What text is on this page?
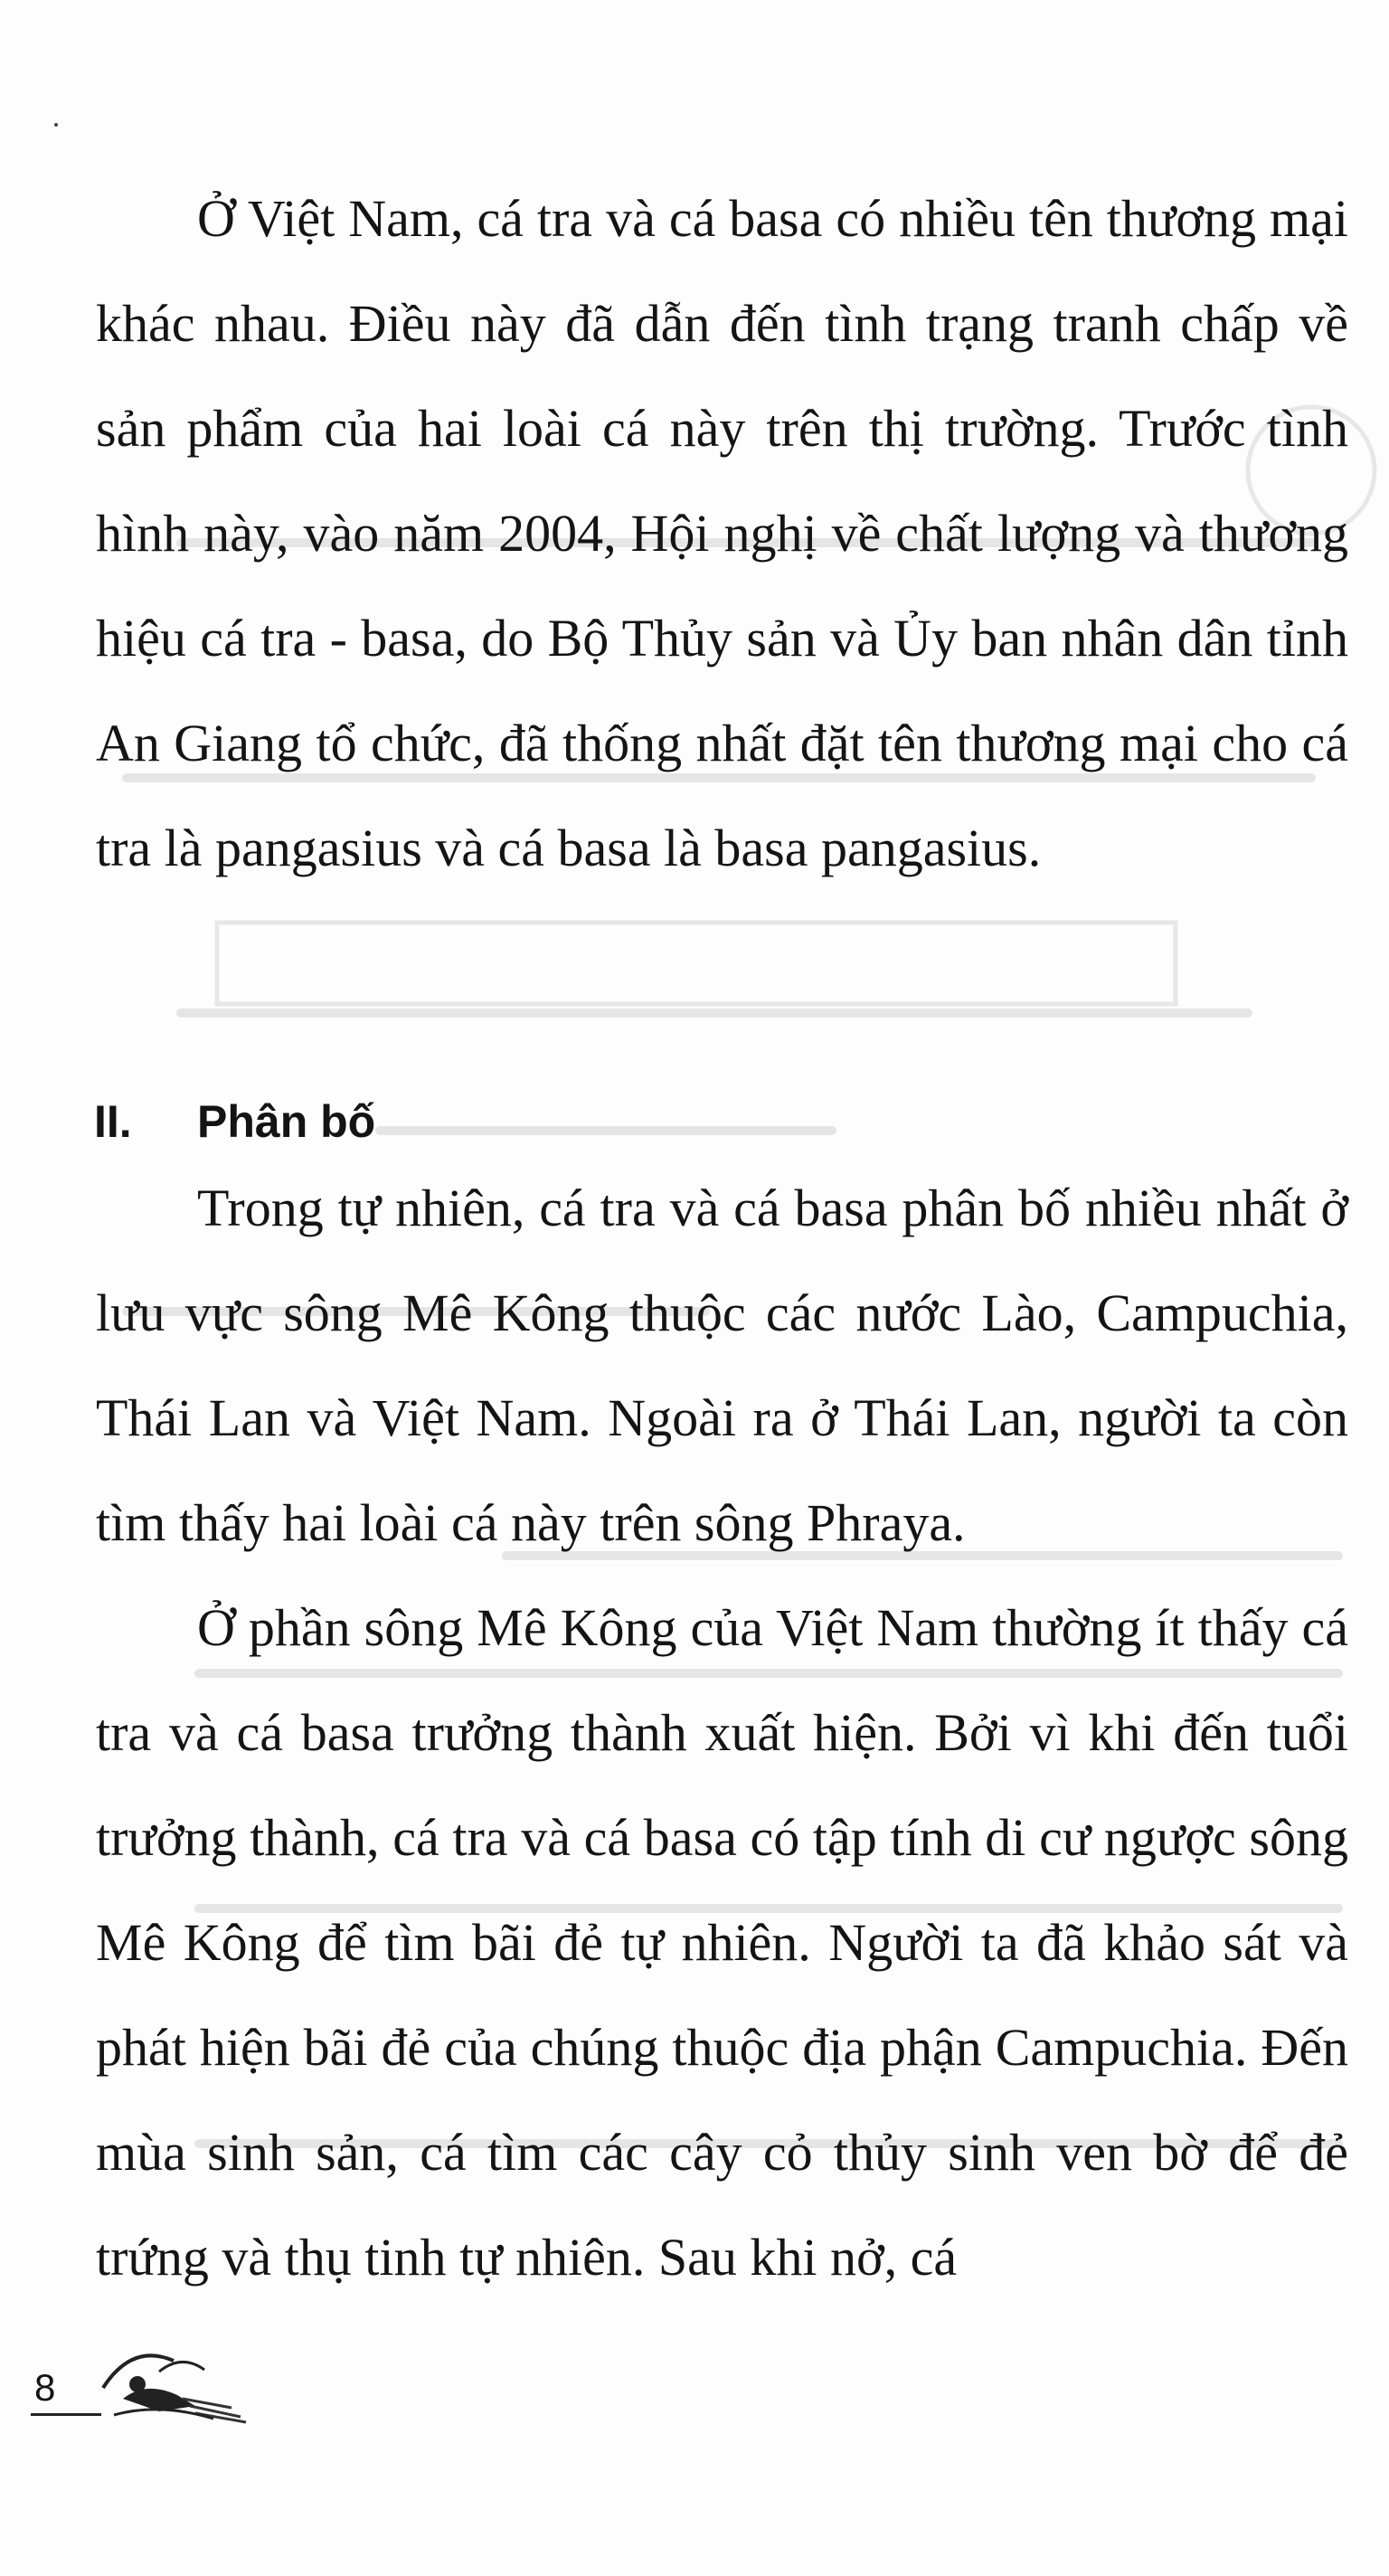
Ở Việt Nam, cá tra và cá basa có nhiều tên thương mại khác nhau. Điều này đã dẫn đến tình trạng tranh chấp về sản phẩm của hai loài cá này trên thị trường. Trước tình hình này, vào năm 2004, Hội nghị về chất lượng và thương hiệu cá tra - basa, do Bộ Thủy sản và Ủy ban nhân dân tỉnh An Giang tổ chức, đã thống nhất đặt tên thương mại cho cá tra là pangasius và cá basa là basa pangasius.

II. Phân bố

Trong tự nhiên, cá tra và cá basa phân bố nhiều nhất ở lưu vực sông Mê Kông thuộc các nước Lào, Campuchia, Thái Lan và Việt Nam. Ngoài ra ở Thái Lan, người ta còn tìm thấy hai loài cá này trên sông Phraya.

Ở phần sông Mê Kông của Việt Nam thường ít thấy cá tra và cá basa trưởng thành xuất hiện. Bởi vì khi đến tuổi trưởng thành, cá tra và cá basa có tập tính di cư ngược sông Mê Kông để tìm bãi đẻ tự nhiên. Người ta đã khảo sát và phát hiện bãi đẻ của chúng thuộc địa phận Campuchia. Đến mùa sinh sản, cá tìm các cây cỏ thủy sinh ven bờ để đẻ trứng và thụ tinh tự nhiên. Sau khi nở, cá

8
